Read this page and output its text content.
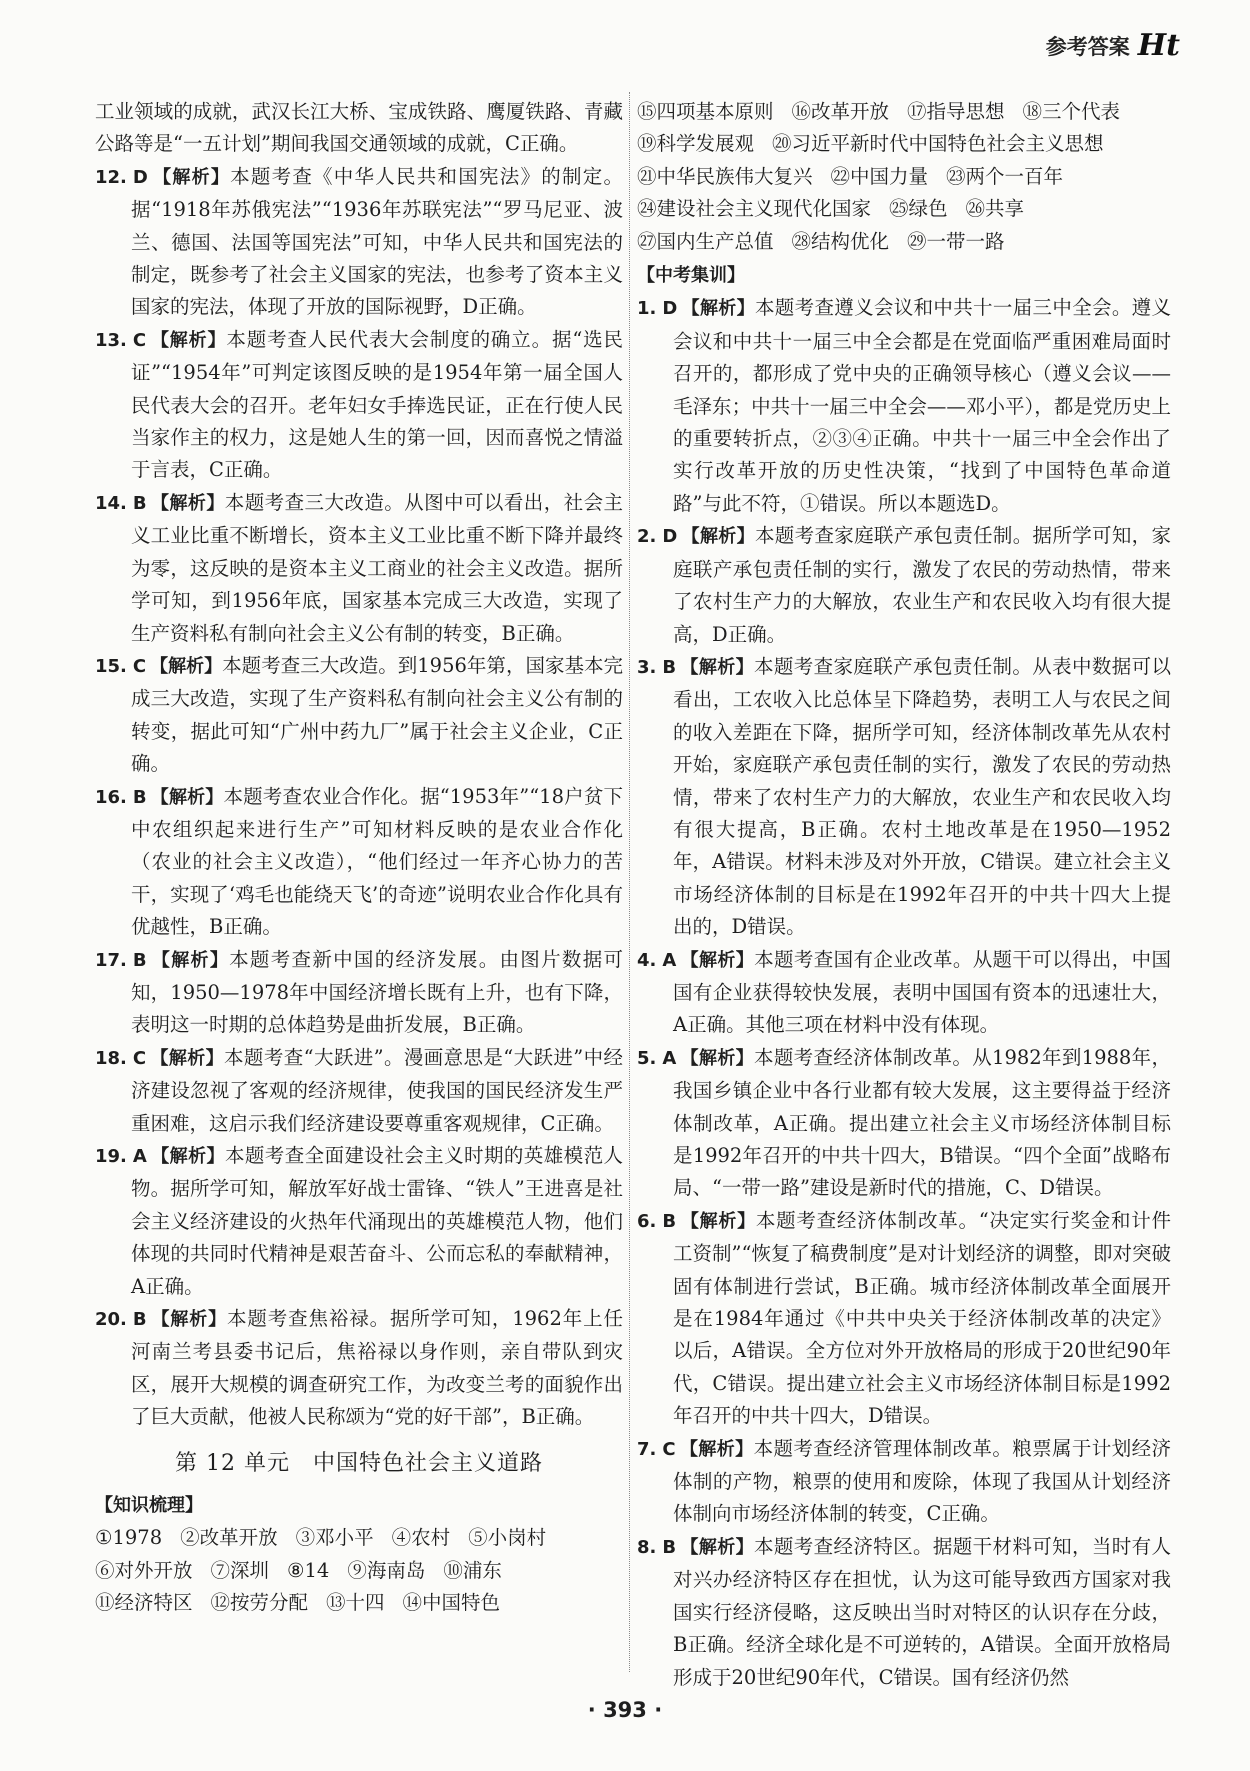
参考答案 Ht

工业领域的成就，武汉长江大桥、宝成铁路、鹰厦铁路、青藏公路等是“一五计划”期间我国交通领域的成就，C正确。

12. D 【解析】本题考查《中华人民共和国宪法》的制定。据“1918年苏俄宪法”“1936年苏联宪法”“罗马尼亚、波兰、德国、法国等国宪法”可知，中华人民共和国宪法的制定，既参考了社会主义国家的宪法，也参考了资本主义国家的宪法，体现了开放的国际视野，D正确。

13. C 【解析】本题考查人民代表大会制度的确立。据“选民证”“1954年”可判定该图反映的是1954年第一届全国人民代表大会的召开。老年妇女手捧选民证，正在行使人民当家作主的权力，这是她人生的第一回，因而喜悦之情溢于言表，C正确。

14. B 【解析】本题考查三大改造。从图中可以看出，社会主义工业比重不断增长，资本主义工业比重不断下降并最终为零，这反映的是资本主义工商业的社会主义改造。据所学可知，到1956年底，国家基本完成三大改造，实现了生产资料私有制向社会主义公有制的转变，B正确。

15. C 【解析】本题考查三大改造。到1956年第，国家基本完成三大改造，实现了生产资料私有制向社会主义公有制的转变，据此可知“广州中药九厂”属于社会主义企业，C正确。

16. B 【解析】本题考查农业合作化。据“1953年”“18户贫下中农组织起来进行生产”可知材料反映的是农业合作化（农业的社会主义改造），“他们经过一年齐心协力的苦干，实现了‘鸡毛也能绕天飞’的奇迹”说明农业合作化具有优越性，B正确。

17. B 【解析】本题考查新中国的经济发展。由图片数据可知，1950—1978年中国经济增长既有上升，也有下降，表明这一时期的总体趋势是曲折发展，B正确。

18. C 【解析】本题考查“大跃进”。漫画意思是“大跃进”中经济建设忽视了客观的经济规律，使我国的国民经济发生严重困难，这启示我们经济建设要尊重客观规律，C正确。

19. A 【解析】本题考查全面建设社会主义时期的英雄模范人物。据所学可知，解放军好战士雷锋、“铁人”王进喜是社会主义经济建设的火热年代涌现出的英雄模范人物，他们体现的共同时代精神是艰苦奋斗、公而忘私的奉献精神，A正确。

20. B 【解析】本题考查焦裕禄。据所学可知，1962年上任河南兰考县委书记后，焦裕禄以身作则，亲自带队到灾区，展开大规模的调查研究工作，为改变兰考的面貌作出了巨大贡献，他被人民称颂为“党的好干部”，B正确。

第 12 单元　中国特色社会主义道路
【知识梳理】
①1978 ②改革开放 ③邓小平 ④农村 ⑤小岗村
⑥对外开放 ⑦深圳 ⑧14 ⑨海南岛 ⑩浦东
⑪经济特区 ⑫按劳分配 ⑬十四 ⑭中国特色
⑮四项基本原则 ⑯改革开放 ⑰指导思想 ⑱三个代表
⑲科学发展观 ⑳习近平新时代中国特色社会主义思想
㉑中华民族伟大复兴 ㉒中国力量 ㉓两个一百年
㉔建设社会主义现代化国家 ㉕绿色 ㉖共享
㉗国内生产总值 ㉘结构优化 ㉙一带一路
【中考集训】

1. D 【解析】本题考查遵义会议和中共十一届三中全会。遵义会议和中共十一届三中全会都是在党面临严重困难局面时召开的，都形成了党中央的正确领导核心（遵义会议——毛泽东；中共十一届三中全会——邓小平），都是党历史上的重要转折点，②③④正确。中共十一届三中全会作出了实行改革开放的历史性决策，“找到了中国特色革命道路”与此不符，①错误。所以本题选D。

2. D 【解析】本题考查家庭联产承包责任制。据所学可知，家庭联产承包责任制的实行，激发了农民的劳动热情，带来了农村生产力的大解放，农业生产和农民收入均有很大提高，D正确。

3. B 【解析】本题考查家庭联产承包责任制。从表中数据可以看出，工农收入比总体呈下降趋势，表明工人与农民之间的收入差距在下降，据所学可知，经济体制改革先从农村开始，家庭联产承包责任制的实行，激发了农民的劳动热情，带来了农村生产力的大解放，农业生产和农民收入均有很大提高，B正确。农村土地改革是在1950—1952年，A错误。材料未涉及对外开放，C错误。建立社会主义市场经济体制的目标是在1992年召开的中共十四大上提出的，D错误。

4. A 【解析】本题考查国有企业改革。从题干可以得出，中国国有企业获得较快发展，表明中国国有资本的迅速壮大，A正确。其他三项在材料中没有体现。

5. A 【解析】本题考查经济体制改革。从1982年到1988年，我国乡镇企业中各行业都有较大发展，这主要得益于经济体制改革，A正确。提出建立社会主义市场经济体制目标是1992年召开的中共十四大，B错误。“四个全面”战略布局、“一带一路”建设是新时代的措施，C、D错误。

6. B 【解析】本题考查经济体制改革。“决定实行奖金和计件工资制”“恢复了稿费制度”是对计划经济的调整，即对突破固有体制进行尝试，B正确。城市经济体制改革全面展开是在1984年通过《中共中央关于经济体制改革的决定》以后，A错误。全方位对外开放格局的形成于20世纪90年代，C错误。提出建立社会主义市场经济体制目标是1992年召开的中共十四大，D错误。

7. C 【解析】本题考查经济管理体制改革。粮票属于计划经济体制的产物，粮票的使用和废除，体现了我国从计划经济体制向市场经济体制的转变，C正确。

8. B 【解析】本题考查经济特区。据题干材料可知，当时有人对兴办经济特区存在担忧，认为这可能导致西方国家对我国实行经济侵略，这反映出当时对特区的认识存在分歧，B正确。经济全球化是不可逆转的，A错误。全面开放格局形成于20世纪90年代，C错误。国有经济仍然

· 393 ·
